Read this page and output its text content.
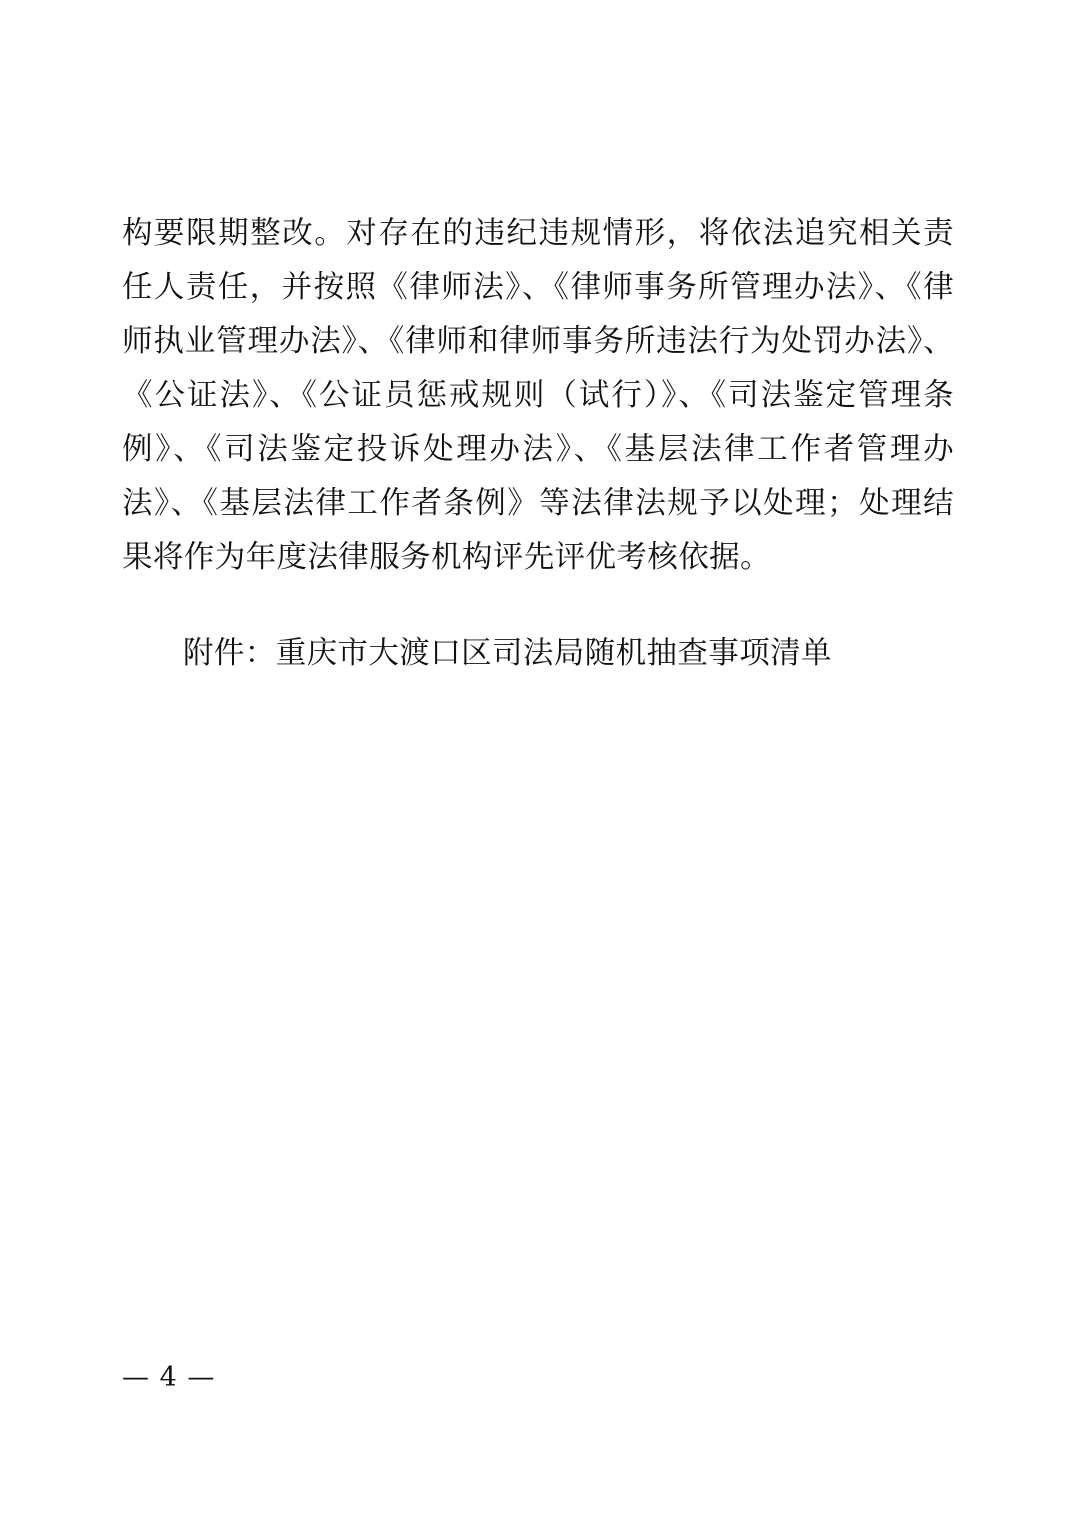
构要限期整改。对存在的违纪违规情形，将依法追究相关责任人责任，并按照《律师法》、《律师事务所管理办法》、《律师执业管理办法》、《律师和律师事务所违法行为处罚办法》、《公证法》、《公证员惩戒规则（试行）》、《司法鉴定管理条例》、《司法鉴定投诉处理办法》、《基层法律工作者管理办法》、《基层法律工作者条例》等法律法规予以处理；处理结果将作为年度法律服务机构评先评优考核依据。

附件：重庆市大渡口区司法局随机抽查事项清单

— 4 —
